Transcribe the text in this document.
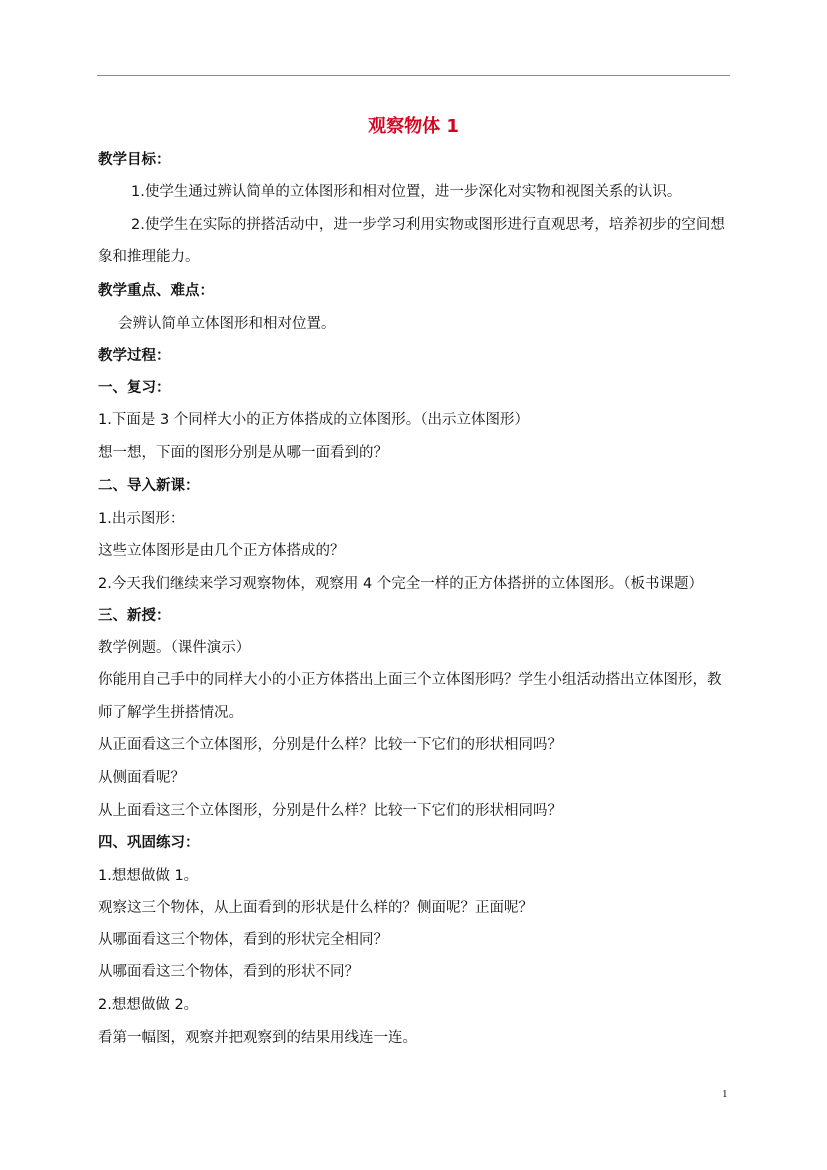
观察物体 1
教学目标：
1.使学生通过辨认简单的立体图形和相对位置，进一步深化对实物和视图关系的认识。
2.使学生在实际的拼搭活动中，进一步学习利用实物或图形进行直观思考，培养初步的空间想
象和推理能力。
教学重点、难点：
会辨认简单立体图形和相对位置。
教学过程：
一、复习：
1.下面是 3 个同样大小的正方体搭成的立体图形。（出示立体图形）
想一想，下面的图形分别是从哪一面看到的？
二、导入新课：
1.出示图形：
这些立体图形是由几个正方体搭成的？
2.今天我们继续来学习观察物体，观察用 4 个完全一样的正方体搭拼的立体图形。（板书课题）
三、新授：
教学例题。（课件演示）
你能用自己手中的同样大小的小正方体搭出上面三个立体图形吗？学生小组活动搭出立体图形，教
师了解学生拼搭情况。
从正面看这三个立体图形，分别是什么样？比较一下它们的形状相同吗？
从侧面看呢？
从上面看这三个立体图形，分别是什么样？比较一下它们的形状相同吗？
四、巩固练习：
1.想想做做 1。
观察这三个物体，从上面看到的形状是什么样的？侧面呢？正面呢？
从哪面看这三个物体，看到的形状完全相同？
从哪面看这三个物体，看到的形状不同？
2.想想做做 2。
看第一幅图，观察并把观察到的结果用线连一连。
1
